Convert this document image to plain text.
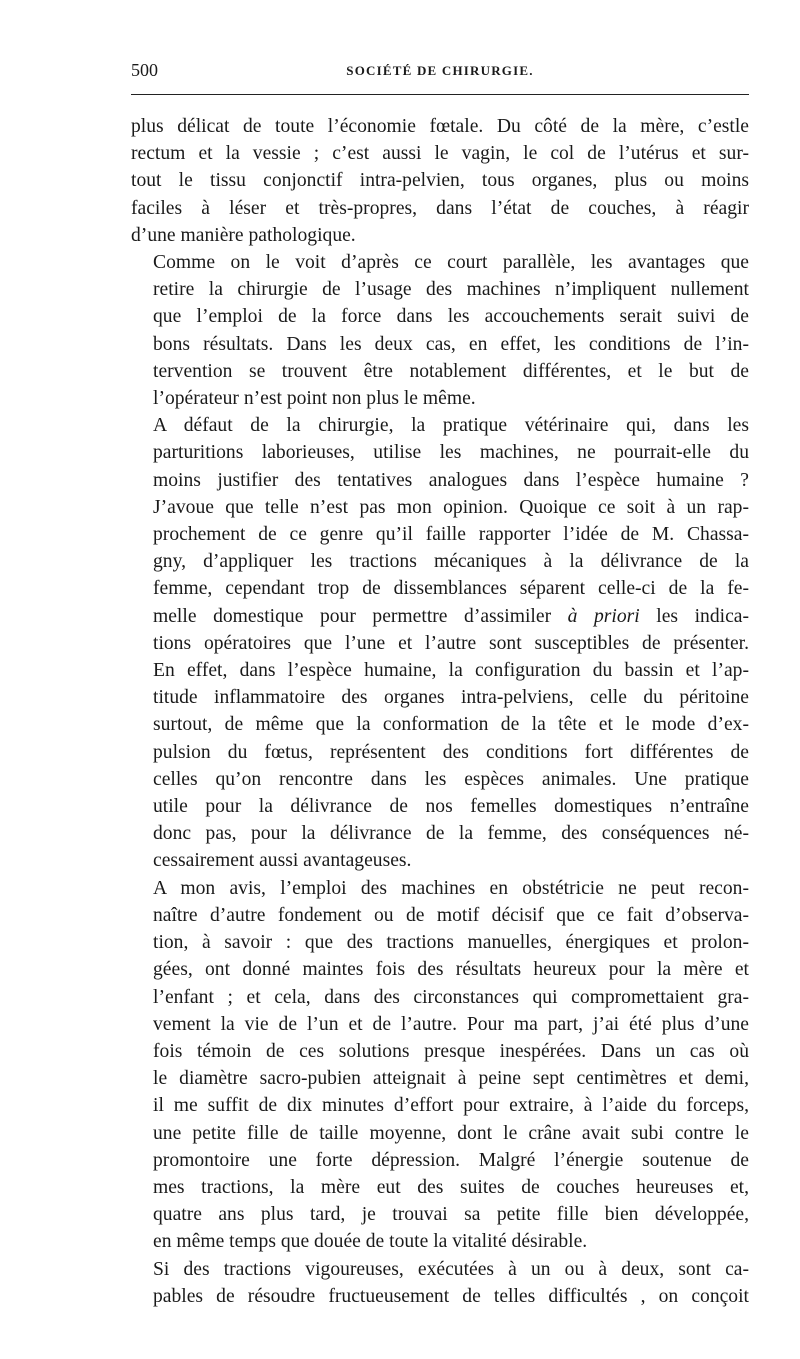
500	SOCIÉTÉ DE CHIRURGIE.

plus délicat de toute l’économie fœtale. Du côté de la mère, c’estle
rectum et la vessie ; c’est aussi le vagin, le col de l’utérus et sur-
tout le tissu conjonctif intra-pelvien, tous organes, plus ou moins
faciles à léser et très-propres, dans l’état de couches, à réagir
d’une manière pathologique.

Comme on le voit d’après ce court parallèle, les avantages que
retire la chirurgie de l’usage des machines n’impliquent nullement
que l’emploi de la force dans les accouchements serait suivi de
bons résultats. Dans les deux cas, en effet, les conditions de l’in-
tervention se trouvent être notablement différentes, et le but de
l’opérateur n’est point non plus le même.

A défaut de la chirurgie, la pratique vétérinaire qui, dans les
parturitions laborieuses, utilise les machines, ne pourrait-elle du
moins justifier des tentatives analogues dans l’espèce humaine ?
J’avoue que telle n’est pas mon opinion. Quoique ce soit à un rap-
prochement de ce genre qu’il faille rapporter l’idée de M. Chassa-
gny, d’appliquer les tractions mécaniques à la délivrance de la
femme, cependant trop de dissemblances séparent celle-ci de la fe-
melle domestique pour permettre d’assimiler à priori les indica-
tions opératoires que l’une et l’autre sont susceptibles de présenter.
En effet, dans l’espèce humaine, la configuration du bassin et l’ap-
titude inflammatoire des organes intra-pelviens, celle du péritoine
surtout, de même que la conformation de la tête et le mode d’ex-
pulsion du fœtus, représentent des conditions fort différentes de
celles qu’on rencontre dans les espèces animales. Une pratique
utile pour la délivrance de nos femelles domestiques n’entraîne
donc pas, pour la délivrance de la femme, des conséquences né-
cessairement aussi avantageuses.

A mon avis, l’emploi des machines en obstétricie ne peut recon-
naître d’autre fondement ou de motif décisif que ce fait d’observa-
tion, à savoir : que des tractions manuelles, énergiques et prolon-
gées, ont donné maintes fois des résultats heureux pour la mère et
l’enfant ; et cela, dans des circonstances qui compromettaient gra-
vement la vie de l’un et de l’autre. Pour ma part, j’ai été plus d’une
fois témoin de ces solutions presque inespérées. Dans un cas où
le diamètre sacro-pubien atteignait à peine sept centimètres et demi,
il me suffit de dix minutes d’effort pour extraire, à l’aide du forceps,
une petite fille de taille moyenne, dont le crâne avait subi contre le
promontoire une forte dépression. Malgré l’énergie soutenue de
mes tractions, la mère eut des suites de couches heureuses et,
quatre ans plus tard, je trouvai sa petite fille bien développée,
en même temps que douée de toute la vitalité désirable.

Si des tractions vigoureuses, exécutées à un ou à deux, sont ca-
pables de résoudre fructueusement de telles difficultés , on conçoit
